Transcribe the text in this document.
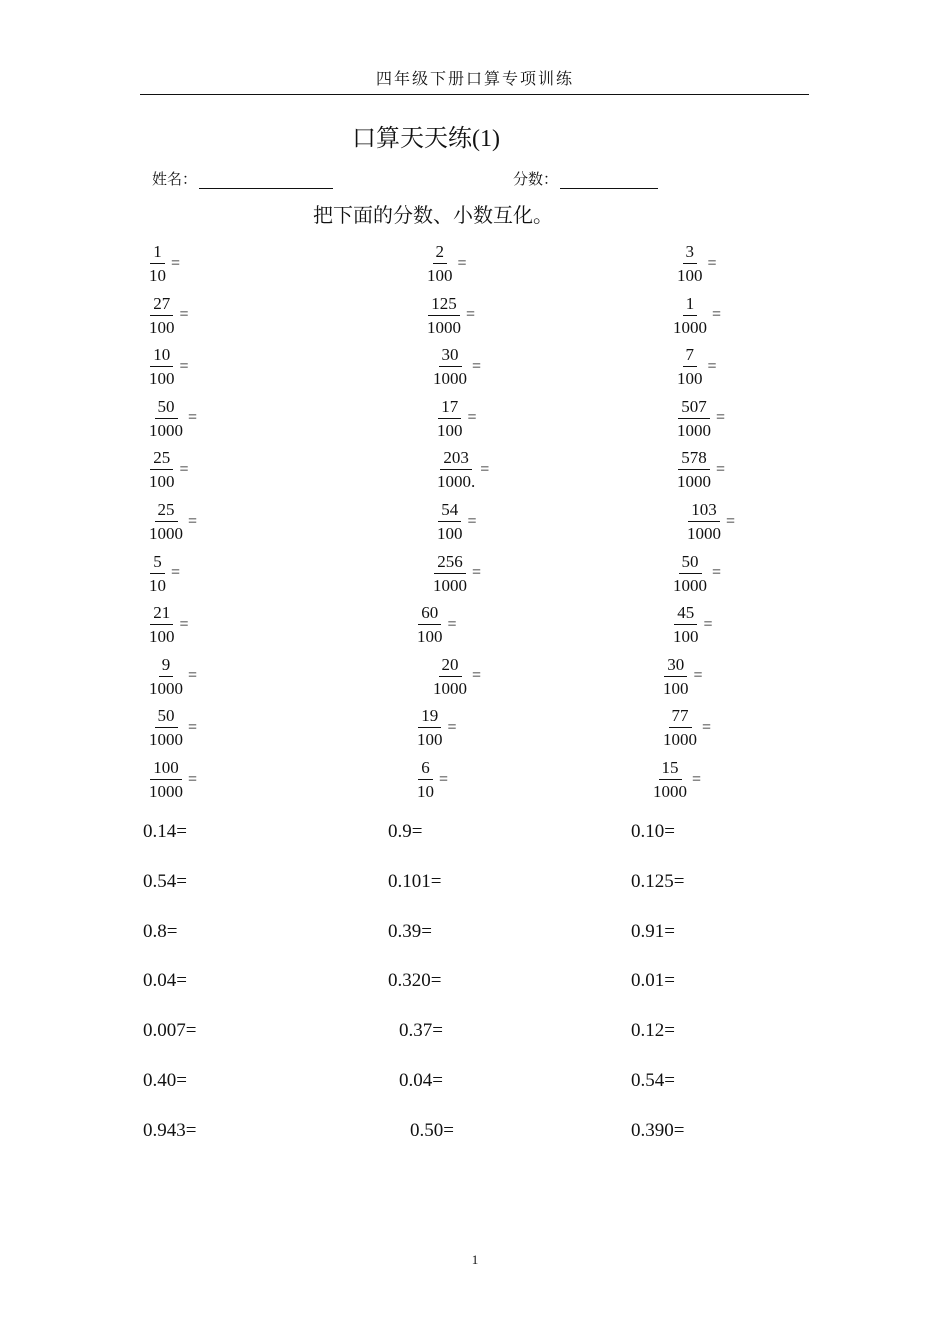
四年级下册口算专项训练
口算天天练(1)
姓名：	分数：
把下面的分数、小数互化。
$\frac{1}{10}$ =	$\frac{2}{100}$ =	$\frac{3}{100}$ =
$\frac{27}{100}$ =	$\frac{125}{1000}$ =	$\frac{1}{1000}$ =
$\frac{10}{100}$ =	$\frac{30}{1000}$ =	$\frac{7}{100}$ =
$\frac{50}{1000}$ =	$\frac{17}{100}$ =	$\frac{507}{1000}$ =
$\frac{25}{100}$ =	$\frac{203}{1000.}$ =	$\frac{578}{1000}$ =
$\frac{25}{1000}$ =	$\frac{54}{100}$ =	$\frac{103}{1000}$ =
$\frac{5}{10}$ =	$\frac{256}{1000}$ =	$\frac{50}{1000}$ =
$\frac{21}{100}$ =	$\frac{60}{100}$ =	$\frac{45}{100}$ =
$\frac{9}{1000}$ =	$\frac{20}{1000}$ =	$\frac{30}{100}$ =
$\frac{50}{1000}$ =	$\frac{19}{100}$ =	$\frac{77}{1000}$ =
$\frac{100}{1000}$ =	$\frac{6}{10}$ =	$\frac{15}{1000}$ =
0.14=	0.9=	0.10=
0.54=	0.101=	0.125=
0.8=	0.39=	0.91=
0.04=	0.320=	0.01=
0.007=	0.37=	0.12=
0.40=	0.04=	0.54=
0.943=	0.50=	0.390=
1
